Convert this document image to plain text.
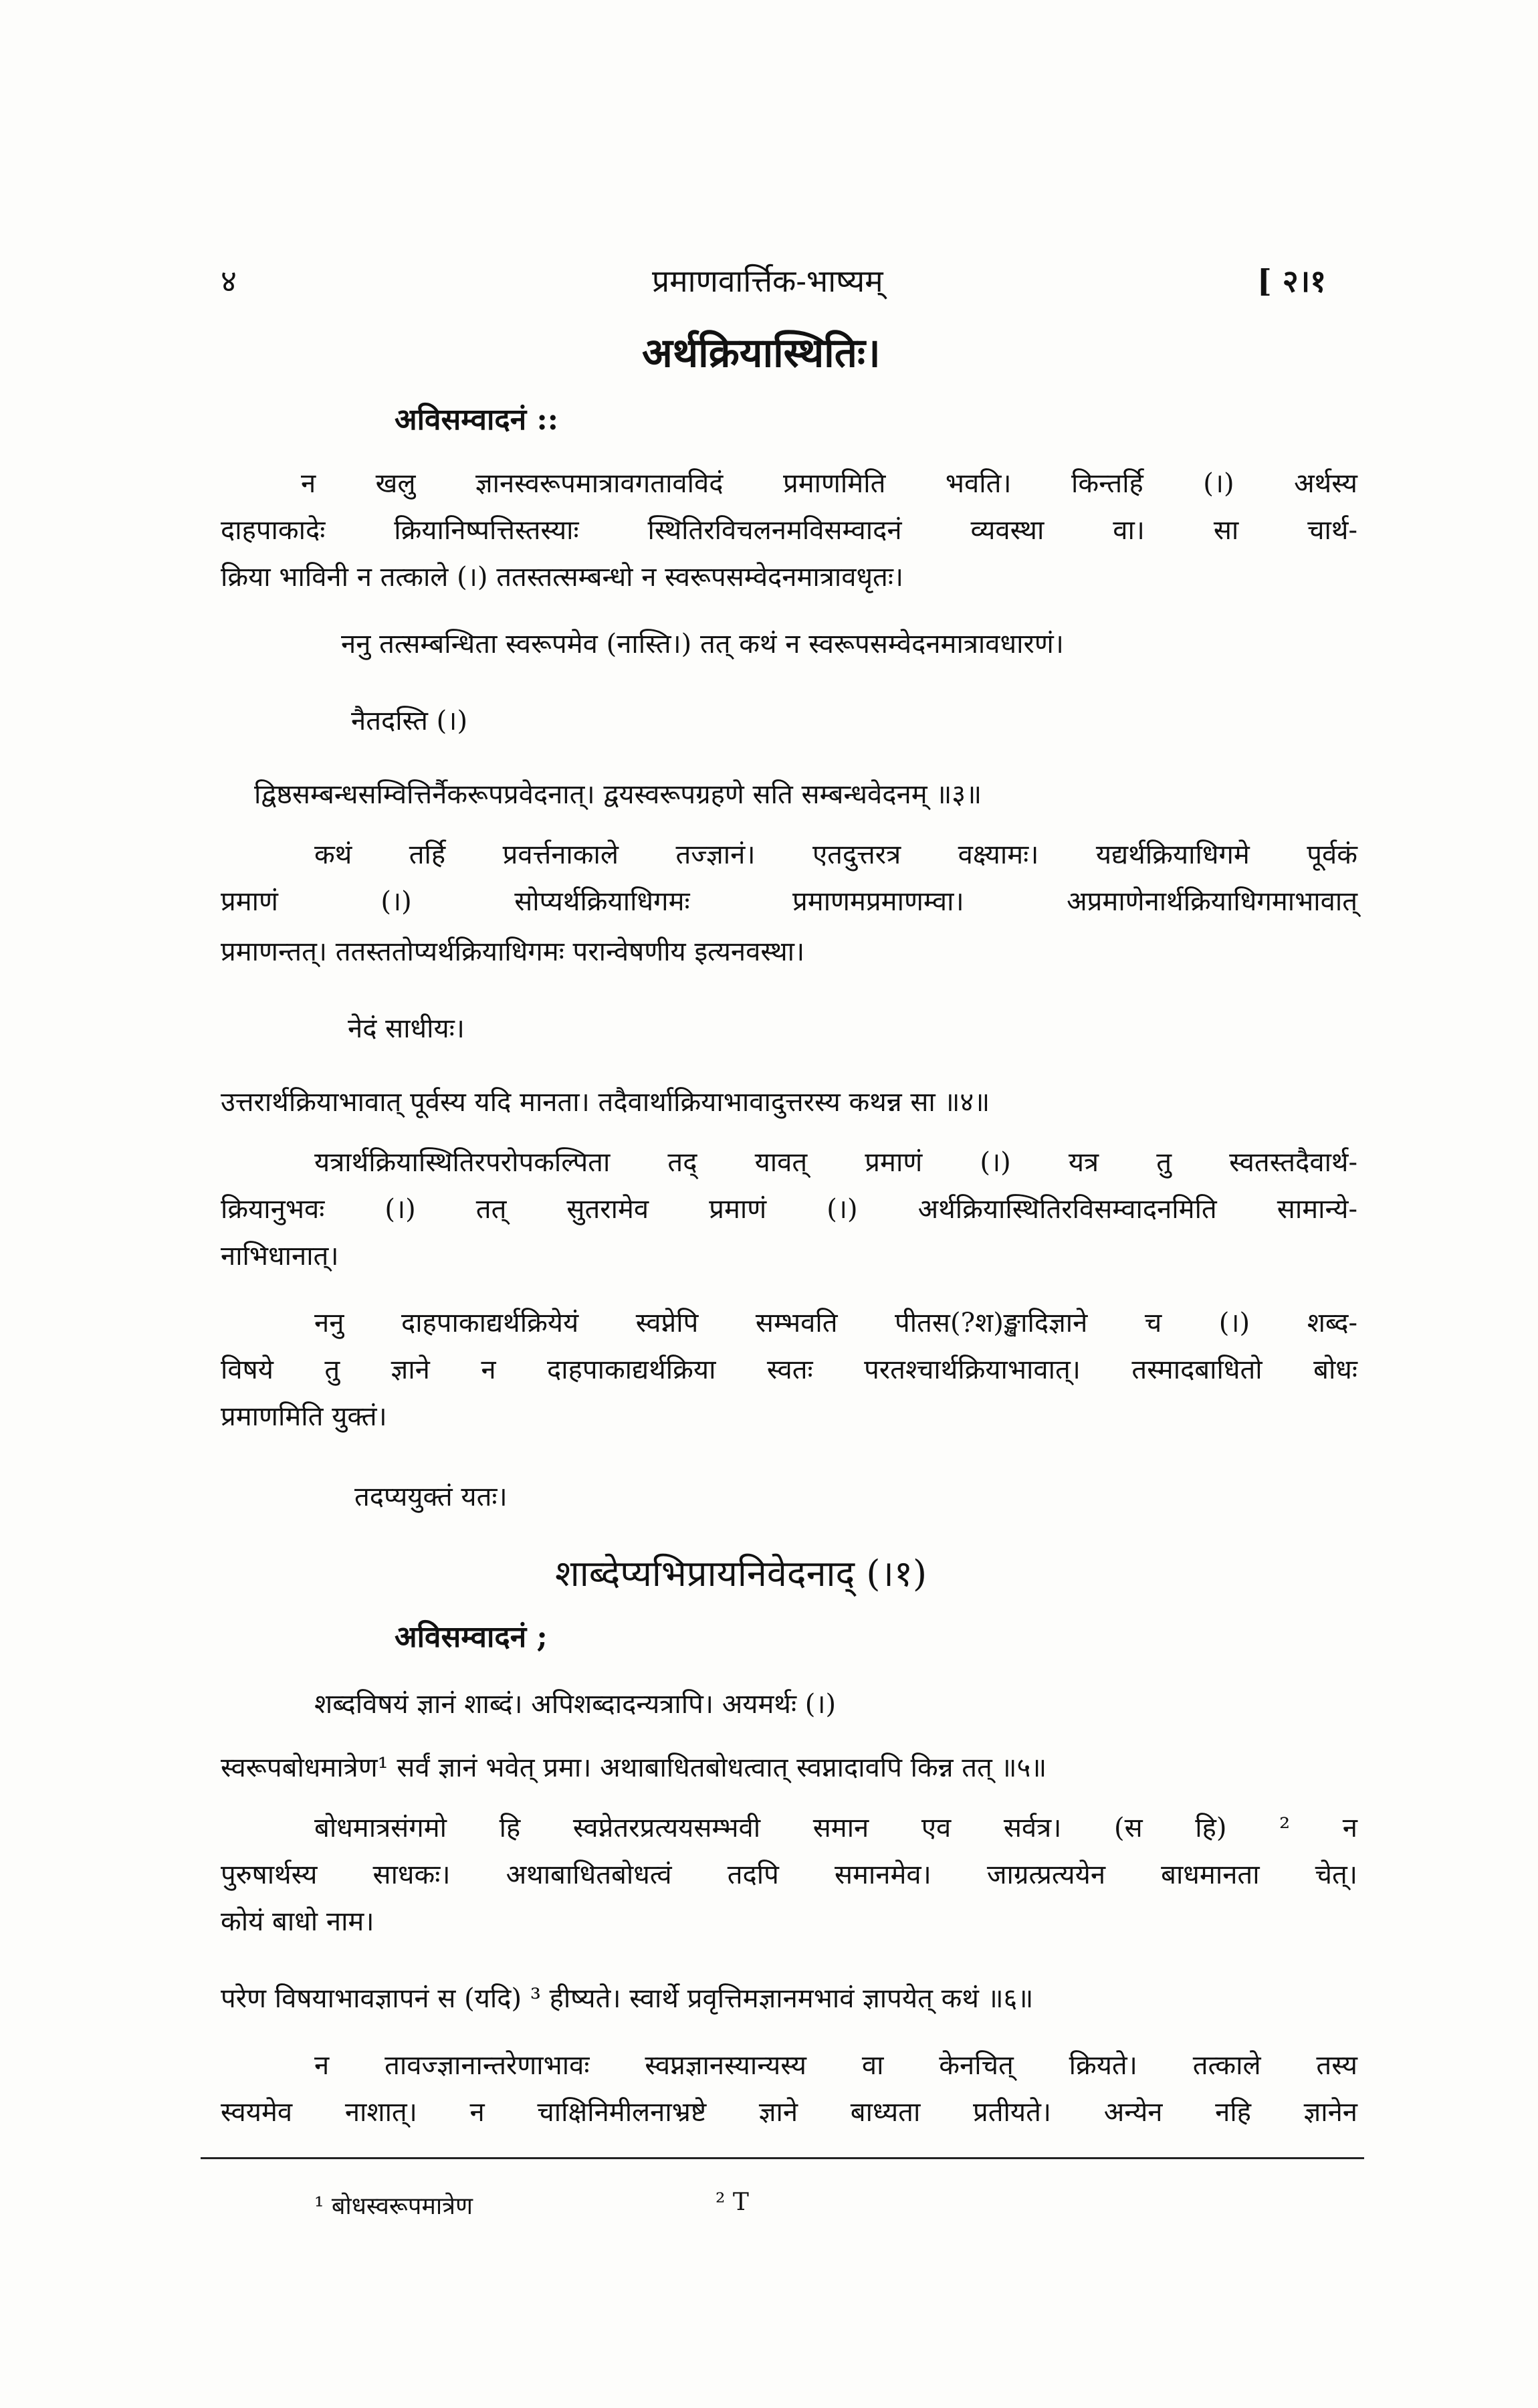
४	प्रमाणवार्त्तिक-भाष्यम्	[ २।१
अर्थक्रियास्थितिः।
अविसम्वादनं ::
न खलु ज्ञानस्वरूपमात्रावगतावविदं प्रमाणमिति भवति। किन्तर्हि (।) अर्थस्य
दाहपाकादेः क्रियानिष्पत्तिस्तस्याः स्थितिरविचलनमविसम्वादनं व्यवस्था वा। सा चार्थ-
क्रिया भाविनी न तत्काले (।) ततस्तत्सम्बन्धो न स्वरूपसम्वेदनमात्रावधृतः।
ननु तत्सम्बन्धिता स्वरूपमेव (नास्ति।) तत् कथं न स्वरूपसम्वेदनमात्रावधारणं।
नैतदस्ति (।)
द्विष्ठसम्बन्धसम्वित्तिर्नैकरूपप्रवेदनात्। द्वयस्वरूपग्रहणे सति सम्बन्धवेदनम् ॥३॥
कथं तर्हि प्रवर्त्तनाकाले तज्ज्ञानं। एतदुत्तरत्र वक्ष्यामः। यद्यर्थक्रियाधिगमे पूर्वकं
प्रमाणं (।) सोप्यर्थक्रियाधिगमः प्रमाणमप्रमाणम्वा। अप्रमाणेनार्थक्रियाधिगमाभावात्
प्रमाणन्तत्। ततस्ततोप्यर्थक्रियाधिगमः परान्वेषणीय इत्यनवस्था।
नेदं साधीयः।
उत्तरार्थक्रियाभावात् पूर्वस्य यदि मानता। तदैवार्थाक्रियाभावादुत्तरस्य कथन्न सा ॥४॥
यत्रार्थक्रियास्थितिरपरोपकल्पिता तद् यावत् प्रमाणं (।) यत्र तु स्वतस्तदैवार्थ-
क्रियानुभवः (।) तत् सुतरामेव प्रमाणं (।) अर्थक्रियास्थितिरविसम्वादनमिति सामान्ये-
नाभिधानात्।
ननु दाहपाकाद्यर्थक्रियेयं स्वप्नेपि सम्भवति पीतस(?श)ङ्खादिज्ञाने च (।) शब्द-
विषये तु ज्ञाने न दाहपाकाद्यर्थक्रिया स्वतः परतश्चार्थक्रियाभावात्। तस्मादबाधितो बोधः
प्रमाणमिति युक्तं।
तदप्ययुक्तं यतः।
शाब्देप्यभिप्रायनिवेदनाद् (।१)
अविसम्वादनं ;
शब्दविषयं ज्ञानं शाब्दं। अपिशब्दादन्यत्रापि। अयमर्थः (।)
स्वरूपबोधमात्रेण¹ सर्वं ज्ञानं भवेत् प्रमा। अथाबाधितबोधत्वात् स्वप्नादावपि किन्न तत् ॥५॥
बोधमात्रसंगमो हि स्वप्नेतरप्रत्ययसम्भवी समान एव सर्वत्र। (स हि) ² न
पुरुषार्थस्य साधकः। अथाबाधितबोधत्वं तदपि समानमेव। जाग्रत्प्रत्ययेन बाधमानता चेत्।
कोयं बाधो नाम।
परेण विषयाभावज्ञापनं स (यदि) ³ हीष्यते। स्वार्थे प्रवृत्तिमज्ञानमभावं ज्ञापयेत् कथं ॥६॥
न तावज्ज्ञानान्तरेणाभावः स्वप्नज्ञानस्यान्यस्य वा केनचित् क्रियते। तत्काले तस्य
स्वयमेव नाशात्। न चाक्षिनिमीलनाभ्रष्टे ज्ञाने बाध्यता प्रतीयते। अन्येन नहि ज्ञानेन
¹ बोधस्वरूपमात्रेण	² T
